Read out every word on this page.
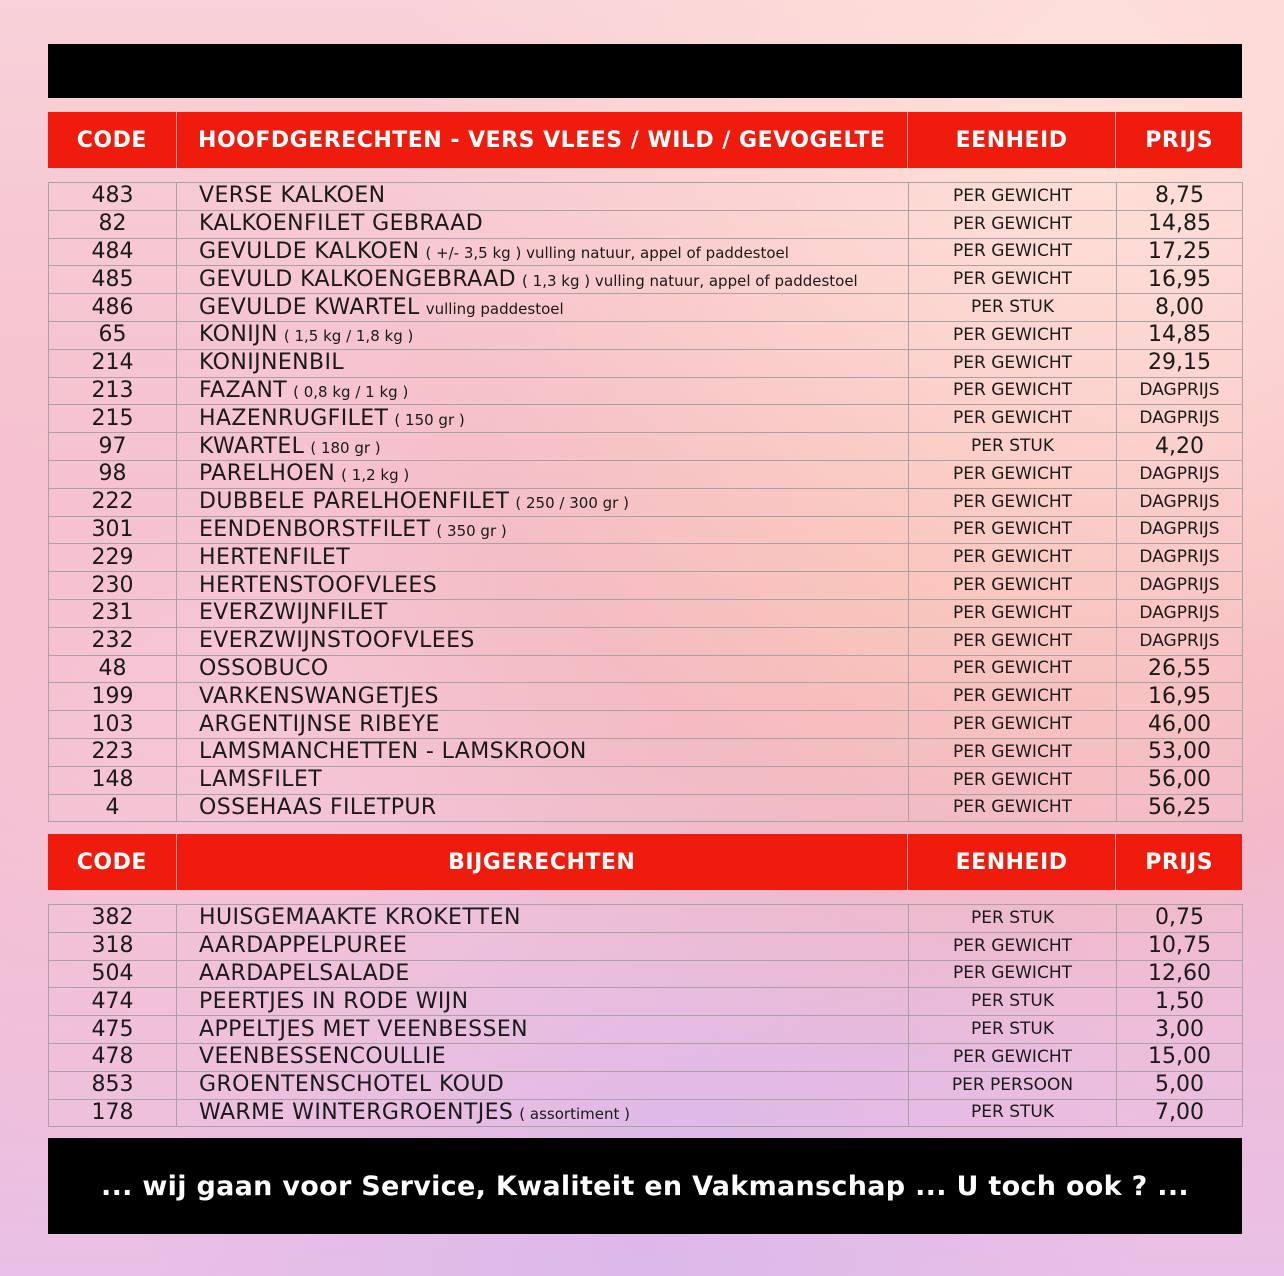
CODE	HOOFDGERECHTEN - VERS VLEES / WILD / GEVOGELTE	EENHEID	PRIJS
483	VERSE KALKOEN	PER GEWICHT	8,75
82	KALKOENFILET GEBRAAD	PER GEWICHT	14,85
484	GEVULDE KALKOEN ( +/- 3,5 kg ) vulling natuur, appel of paddestoel	PER GEWICHT	17,25
485	GEVULD KALKOENGEBRAAD ( 1,3 kg ) vulling natuur, appel of paddestoel	PER GEWICHT	16,95
486	GEVULDE KWARTEL vulling paddestoel	PER STUK	8,00
65	KONIJN ( 1,5 kg / 1,8 kg )	PER GEWICHT	14,85
214	KONIJNENBIL	PER GEWICHT	29,15
213	FAZANT ( 0,8 kg / 1 kg )	PER GEWICHT	DAGPRIJS
215	HAZENRUGFILET ( 150 gr )	PER GEWICHT	DAGPRIJS
97	KWARTEL ( 180 gr )	PER STUK	4,20
98	PARELHOEN ( 1,2 kg )	PER GEWICHT	DAGPRIJS
222	DUBBELE PARELHOENFILET ( 250 / 300 gr )	PER GEWICHT	DAGPRIJS
301	EENDENBORSTFILET ( 350 gr )	PER GEWICHT	DAGPRIJS
229	HERTENFILET	PER GEWICHT	DAGPRIJS
230	HERTENSTOOFVLEES	PER GEWICHT	DAGPRIJS
231	EVERZWIJNFILET	PER GEWICHT	DAGPRIJS
232	EVERZWIJNSTOOFVLEES	PER GEWICHT	DAGPRIJS
48	OSSOBUCO	PER GEWICHT	26,55
199	VARKENSWANGETJES	PER GEWICHT	16,95
103	ARGENTIJNSE RIBEYE	PER GEWICHT	46,00
223	LAMSMANCHETTEN - LAMSKROON	PER GEWICHT	53,00
148	LAMSFILET	PER GEWICHT	56,00
4	OSSEHAAS FILETPUR	PER GEWICHT	56,25
CODE	BIJGERECHTEN	EENHEID	PRIJS
382	HUISGEMAAKTE KROKETTEN	PER STUK	0,75
318	AARDAPPELPUREE	PER GEWICHT	10,75
504	AARDAPELSALADE	PER GEWICHT	12,60
474	PEERTJES IN RODE WIJN	PER STUK	1,50
475	APPELTJES MET VEENBESSEN	PER STUK	3,00
478	VEENBESSENCOULLIE	PER GEWICHT	15,00
853	GROENTENSCHOTEL KOUD	PER PERSOON	5,00
178	WARME WINTERGROENTJES ( assortiment )	PER STUK	7,00
... wij gaan voor Service, Kwaliteit en Vakmanschap ... U toch ook ? ...
